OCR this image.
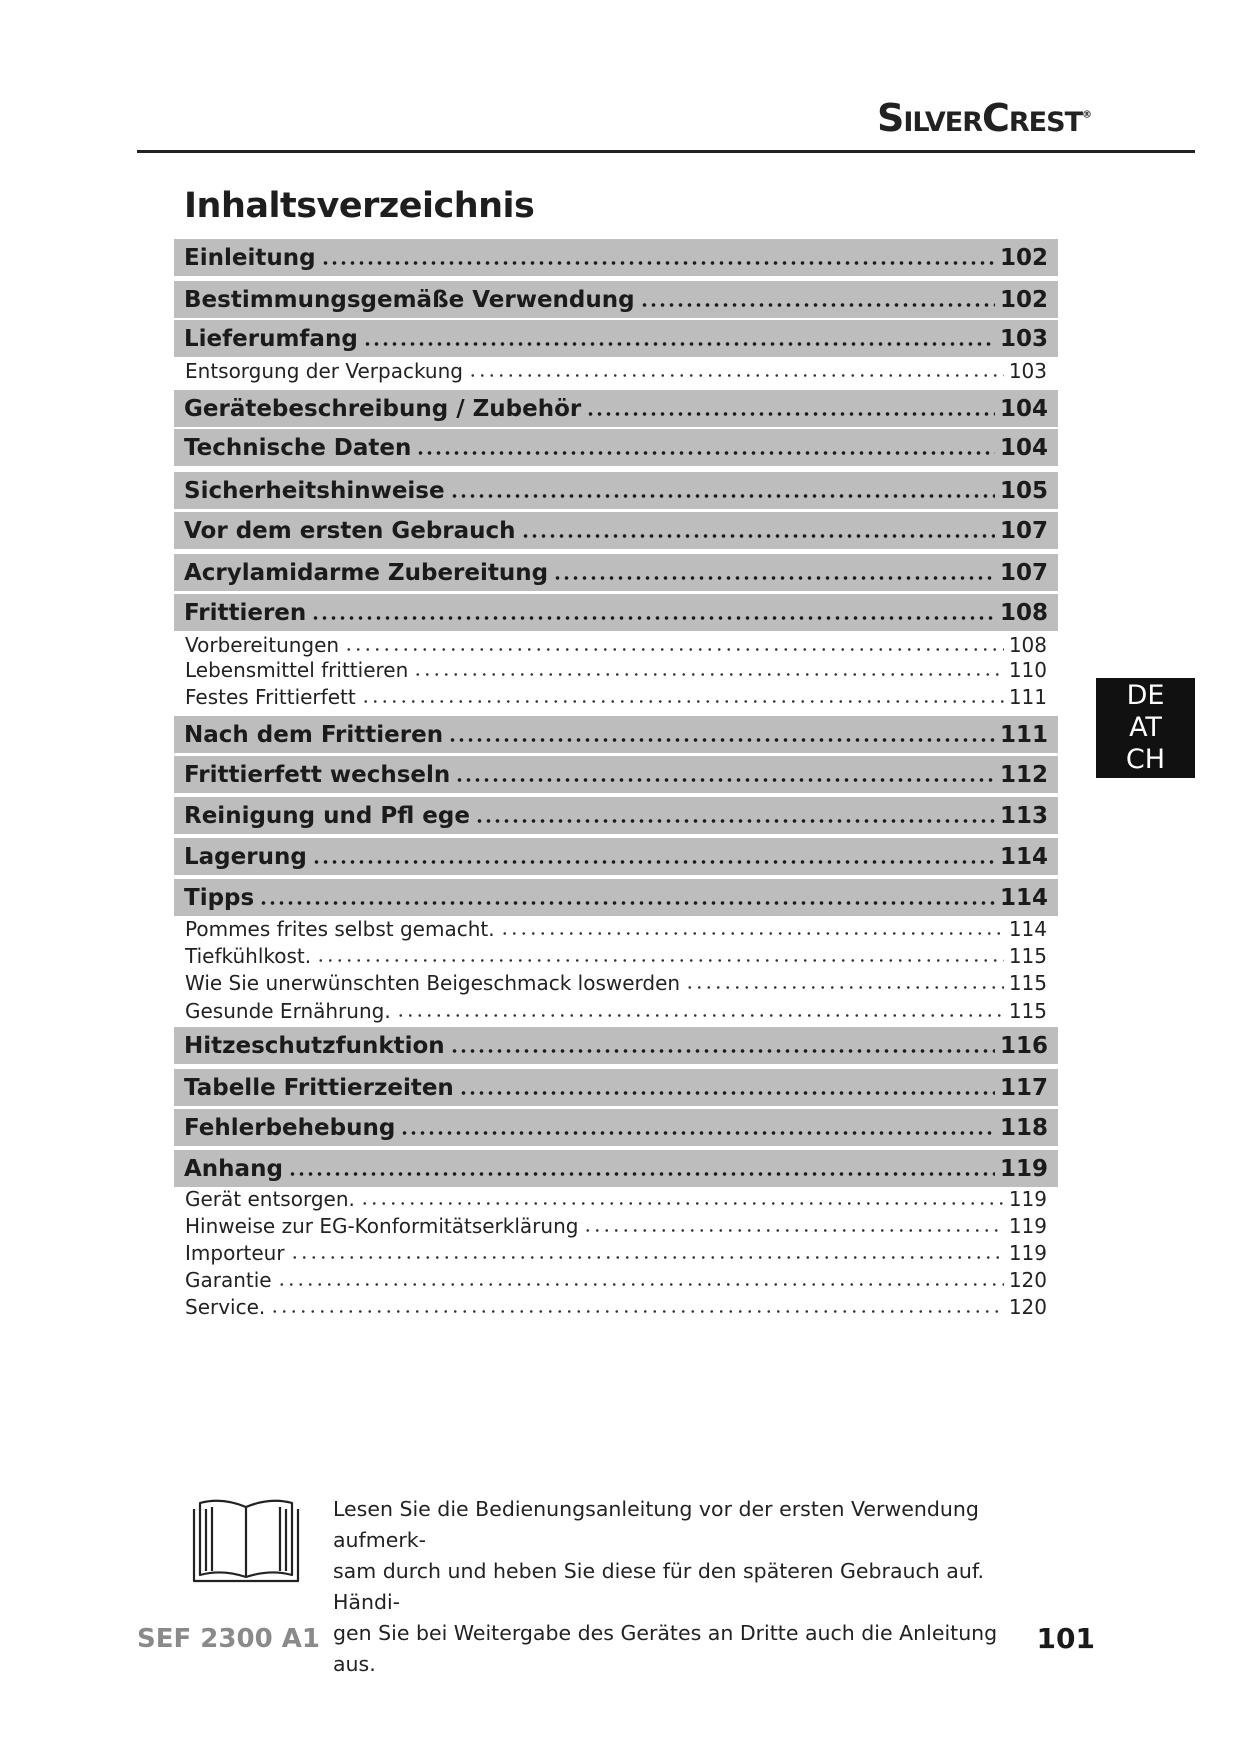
SilverCrest®
Inhaltsverzeichnis
Einleitung	102
Bestimmungsgemäße Verwendung	102
Lieferumfang	103
Entsorgung der Verpackung	103
Gerätebeschreibung / Zubehör	104
Technische Daten	104
Sicherheitshinweise	105
Vor dem ersten Gebrauch	107
Acrylamidarme Zubereitung	107
Frittieren	108
Vorbereitungen	108
Lebensmittel frittieren	110
Festes Frittierfett	111
Nach dem Frittieren	111
Frittierfett wechseln	112
Reinigung und Pfl ege	113
Lagerung	114
Tipps	114
Pommes frites selbst gemacht.	114
Tiefkühlkost.	115
Wie Sie unerwünschten Beigeschmack loswerden	115
Gesunde Ernährung.	115
Hitzeschutzfunktion	116
Tabelle Frittierzeiten	117
Fehlerbehebung	118
Anhang	119
Gerät entsorgen.	119
Hinweise zur EG-Konformitätserklärung	119
Importeur	119
Garantie	120
Service.	120
DE
AT
CH

Lesen Sie die Bedienungsanleitung vor der ersten Verwendung aufmerk-
sam durch und heben Sie diese für den späteren Gebrauch auf. Händi-
gen Sie bei Weitergabe des Gerätes an Dritte auch die Anleitung aus.

SEF 2300 A1	101
